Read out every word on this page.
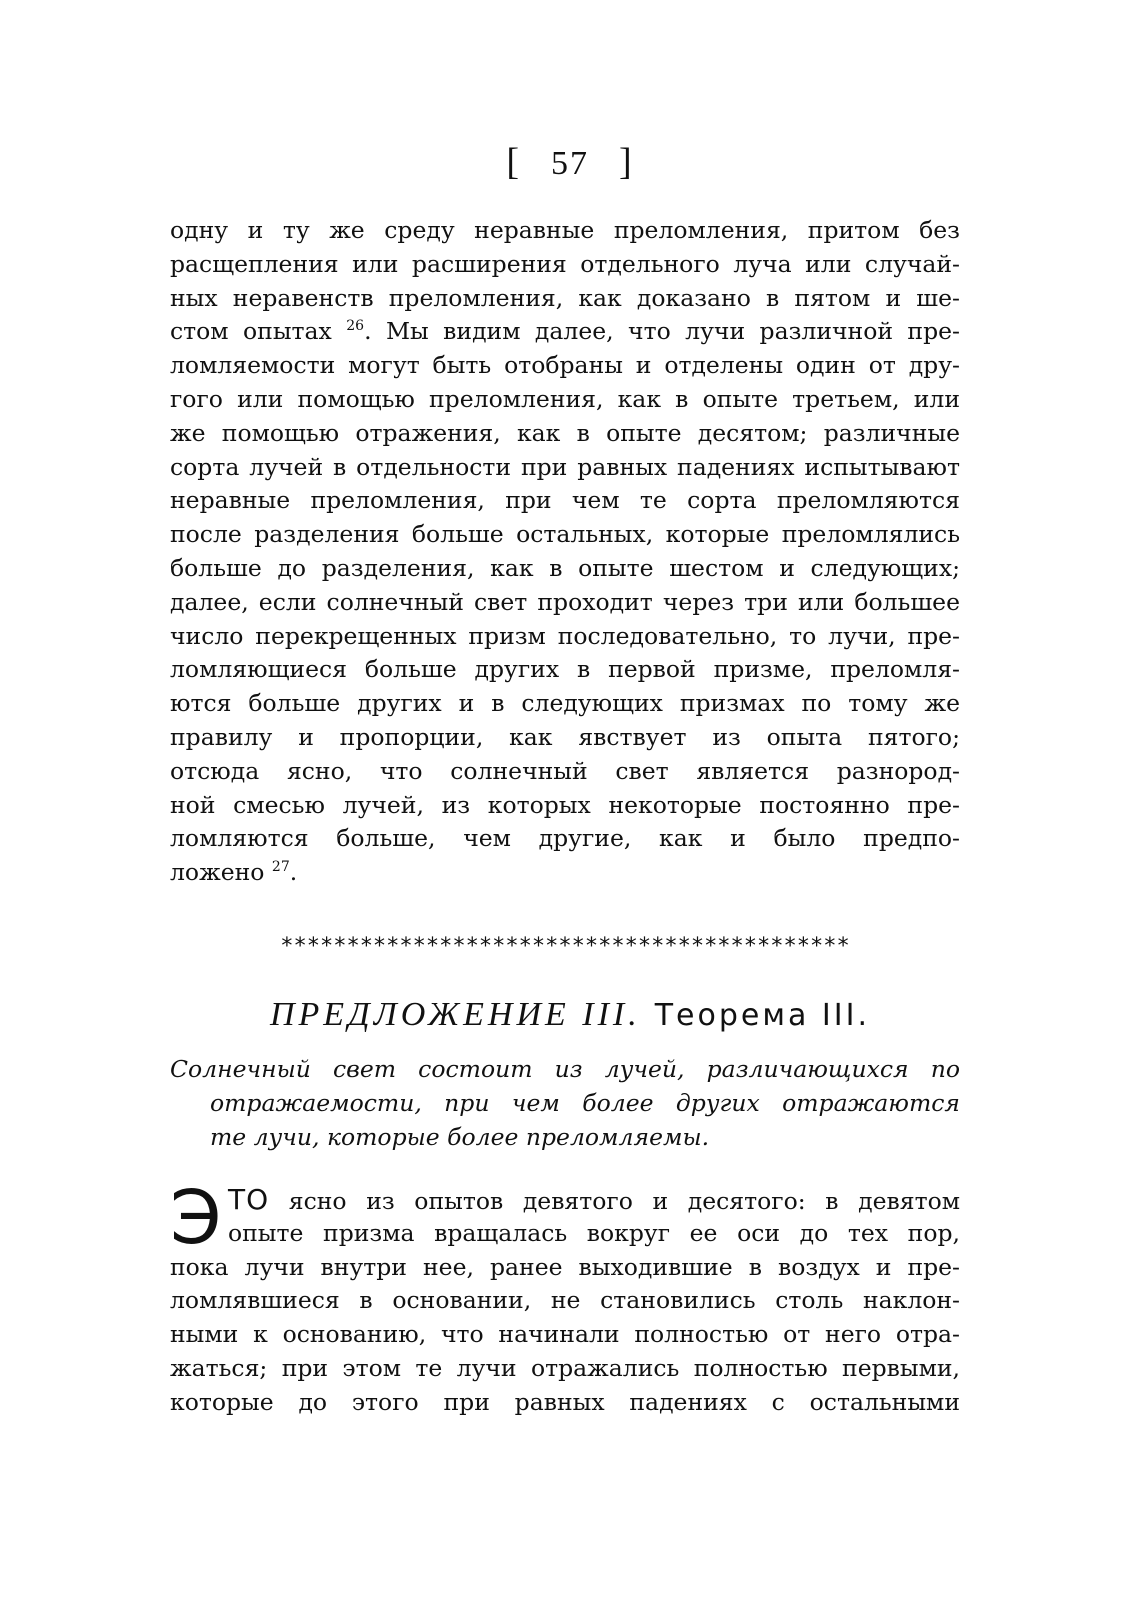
[ 57 ]
одну и ту же среду неравные преломления, притом без
расщепления или расширения отдельного луча или случай-
ных неравенств преломления, как доказано в пятом и ше-
стом опытах $^{26}$. Мы видим далее, что лучи различной пре-
ломляемости могут быть отобраны и отделены один от дру-
гого или помощью преломления, как в опыте третьем, или
же помощью отражения, как в опыте десятом; различные
сорта лучей в отдельности при равных падениях испытывают
неравные преломления, при чем те сорта преломляются
после разделения больше остальных, которые преломлялись
больше до разделения, как в опыте шестом и следующих;
далее, если солнечный свет проходит через три или большее
число перекрещенных призм последовательно, то лучи, пре-
ломляющиеся больше других в первой призме, преломля-
ются больше других и в следующих призмах по тому же
правилу и пропорции, как явствует из опыта пятого;
отсюда ясно, что солнечный свет является разнород-
ной смесью лучей, из которых некоторые постоянно пре-
ломляются больше, чем другие, как и было предпо-
ложено $^{27}$.
*******************************************
ПРЕДЛОЖЕНИЕ III. Теорема III.
Солнечный свет состоит из лучей, различающихся по
отражаемости, при чем более других отражаются
те лучи, которые более преломляемы.
Э ТО ясно из опытов девятого и десятого: в девятом
опыте призма вращалась вокруг ее оси до тех пор,
пока лучи внутри нее, ранее выходившие в воздух и пре-
ломлявшиеся в основании, не становились столь наклон-
ными к основанию, что начинали полностью от него отра-
жаться; при этом те лучи отражались полностью первыми,
которые до этого при равных падениях с остальными
